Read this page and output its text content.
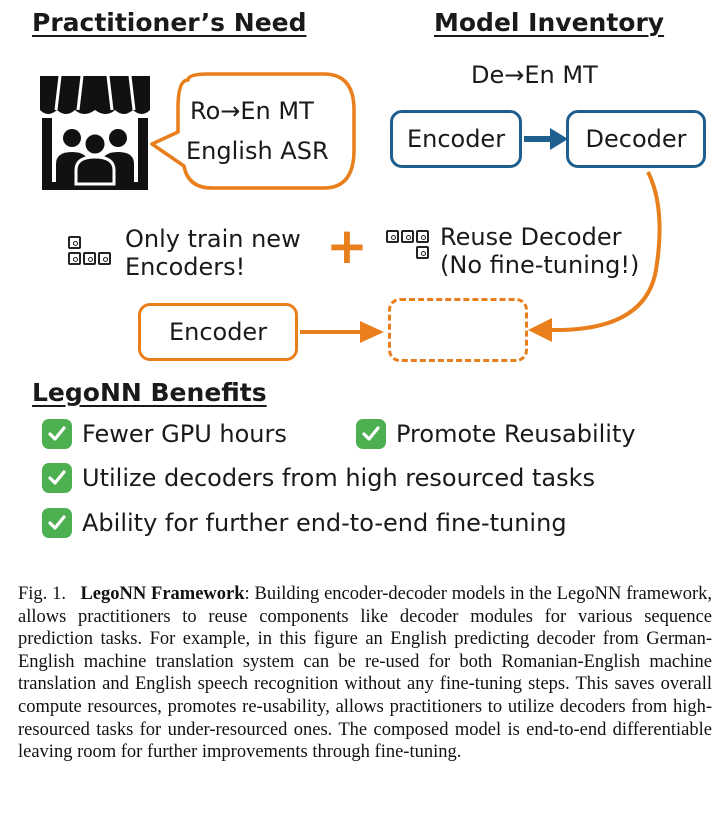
Practitioner’s Need	Model Inventory
Ro→En MT
English ASR
De→En MT
Encoder	Decoder
Only train new
Encoders! +	Reuse Decoder
(No fine-tuning!)
Encoder
LegoNN Benefits
Fewer GPU hours	Promote Reusability
Utilize decoders from high resourced tasks
Ability for further end-to-end fine-tuning
Fig. 1. LegoNN Framework: Building encoder-decoder models in the LegoNN framework, allows practitioners to reuse components like decoder modules for various sequence prediction tasks. For example, in this figure an English predicting decoder from German-English machine translation system can be re-used for both Romanian-English machine translation and English speech recognition without any fine-tuning steps. This saves overall compute resources, promotes re-usability, allows practitioners to utilize decoders from high-resourced tasks for under-resourced ones. The composed model is end-to-end differentiable leaving room for further improvements through fine-tuning.
